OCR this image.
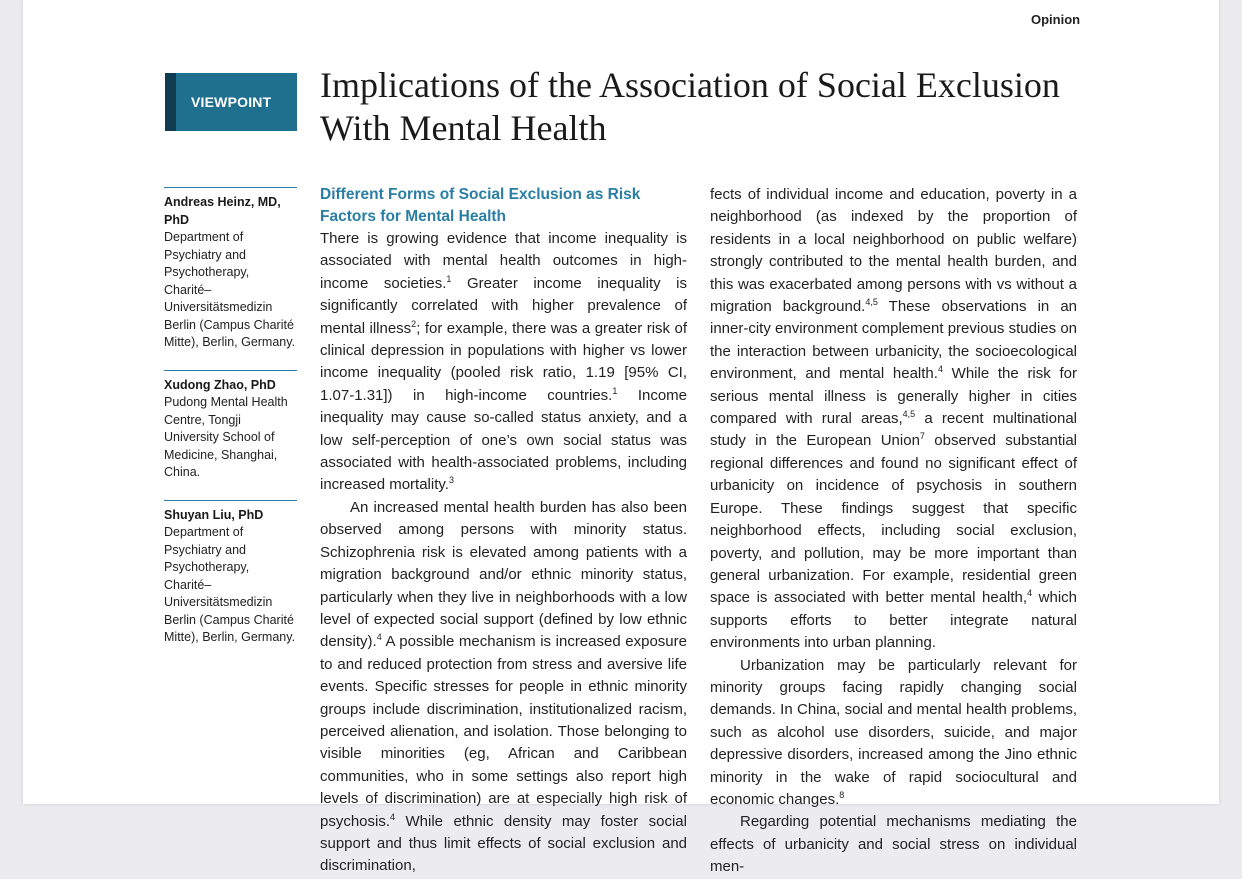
Opinion
VIEWPOINT Implications of the Association of Social Exclusion With Mental Health
Andreas Heinz, MD, PhD
Department of Psychiatry and Psychotherapy, Charité–Universitätsmedizin Berlin (Campus Charité Mitte), Berlin, Germany.
Xudong Zhao, PhD
Pudong Mental Health Centre, Tongji University School of Medicine, Shanghai, China.
Shuyan Liu, PhD
Department of Psychiatry and Psychotherapy, Charité–Universitätsmedizin Berlin (Campus Charité Mitte), Berlin, Germany.
Different Forms of Social Exclusion as Risk Factors for Mental Health

There is growing evidence that income inequality is associated with mental health outcomes in high-income societies.$^1$ Greater income inequality is significantly correlated with higher prevalence of mental illness$^2$; for example, there was a greater risk of clinical depression in populations with higher vs lower income inequality (pooled risk ratio, 1.19 [95% CI, 1.07-1.31]) in high-income countries.$^1$ Income inequality may cause so-called status anxiety, and a low self-perception of one’s own social status was associated with health-associated problems, including increased mortality.$^3$

An increased mental health burden has also been observed among persons with minority status. Schizophrenia risk is elevated among patients with a migration background and/or ethnic minority status, particularly when they live in neighborhoods with a low level of expected social support (defined by low ethnic density).$^4$ A possible mechanism is increased exposure to and reduced protection from stress and aversive life events. Specific stresses for people in ethnic minority groups include discrimination, institutionalized racism, perceived alienation, and isolation. Those belonging to visible minorities (eg, African and Caribbean communities, who in some settings also report high levels of discrimination) are at especially high risk of psychosis.$^4$ While ethnic density may foster social support and thus limit effects of social exclusion and discrimination,

fects of individual income and education, poverty in a neighborhood (as indexed by the proportion of residents in a local neighborhood on public welfare) strongly contributed to the mental health burden, and this was exacerbated among persons with vs without a migration background.$^{4,5}$ These observations in an inner-city environment complement previous studies on the interaction between urbanicity, the socioecological environment, and mental health.$^4$ While the risk for serious mental illness is generally higher in cities compared with rural areas,$^{4,5}$ a recent multinational study in the European Union$^7$ observed substantial regional differences and found no significant effect of urbanicity on incidence of psychosis in southern Europe. These findings suggest that specific neighborhood effects, including social exclusion, poverty, and pollution, may be more important than general urbanization. For example, residential green space is associated with better mental health,$^4$ which supports efforts to better integrate natural environments into urban planning.

Urbanization may be particularly relevant for minority groups facing rapidly changing social demands. In China, social and mental health problems, such as alcohol use disorders, suicide, and major depressive disorders, increased among the Jino ethnic minority in the wake of rapid sociocultural and economic changes.$^8$

Regarding potential mechanisms mediating the effects of urbanicity and social stress on individual men-
